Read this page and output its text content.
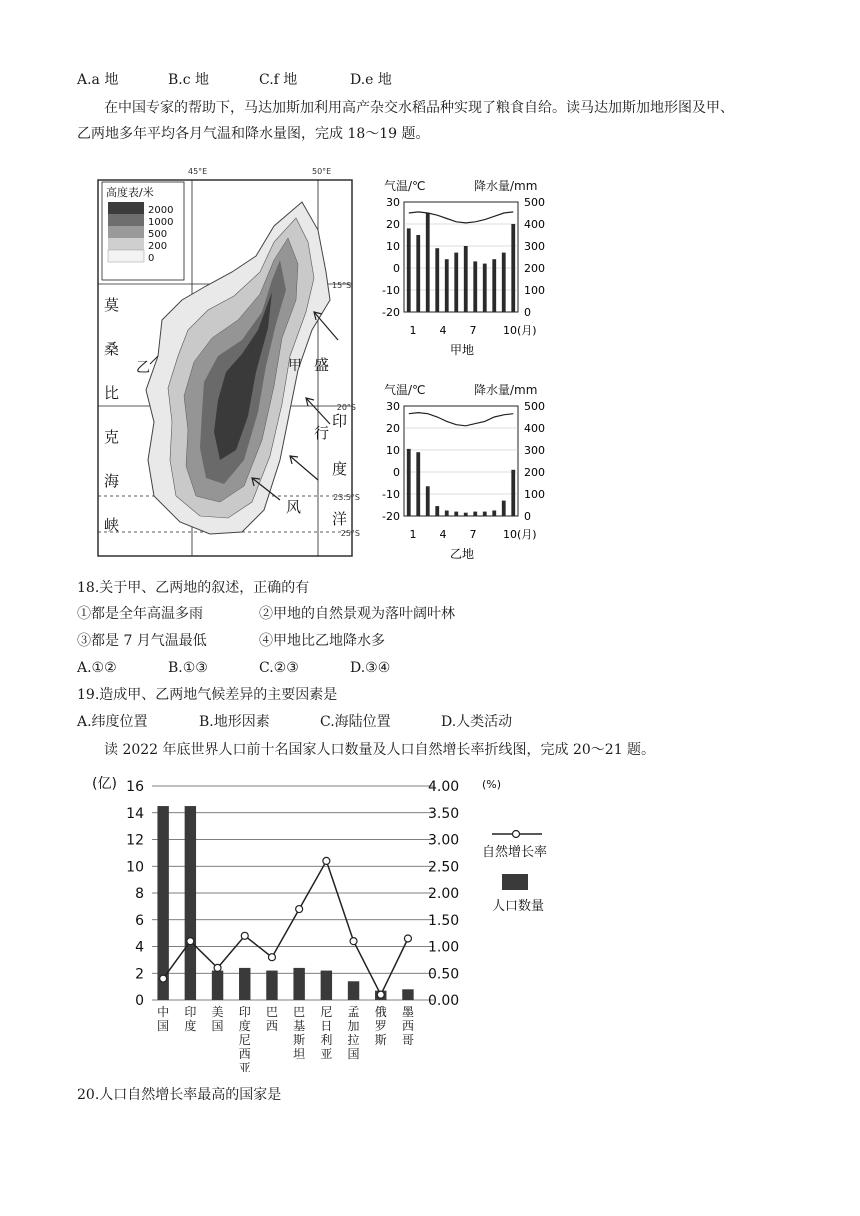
A.a 地	B.c 地	C.f 地	D.e 地
在中国专家的帮助下，马达加斯加利用高产杂交水稻品种实现了粮食自给。读马达加斯加地形图及甲、
乙两地多年平均各月气温和降水量图，完成 18～19 题。
45°E	50°E
15°S
20°S
23.5°S
25°S
高度表/米
2000
1000
500
200
0
莫
桑
比
克
海
峡
盛
行
风
印
度
洋
甲
乙
气温/℃	降水量/mm
30
20
10
0
-10
-20
500
400
300
200
100
0
1 4 7 10(月)
甲地
气温/℃	降水量/mm
30
20
10
0
-10
-20
500
400
300
200
100
0
1 4 7 10(月)
乙地
18.关于甲、乙两地的叙述，正确的有
①都是全年高温多雨	②甲地的自然景观为落叶阔叶林
③都是 7 月气温最低	④甲地比乙地降水多
A.①②	B.①③	C.②③	D.③④
19.造成甲、乙两地气候差异的主要因素是
A.纬度位置	B.地形因素	C.海陆位置	D.人类活动
读 2022 年底世界人口前十名国家人口数量及人口自然增长率折线图，完成 20～21 题。
(亿)	(%)
16	4.00
14	3.50
12	3.00
10	2.50
8	2.00
6	1.50
4	1.00
2	0.50
0	0.00
中
国
印
度
美
国
印
度
尼
西
亚
巴
西
巴
基
斯
坦
尼
日
利
亚
孟
加
拉
国
俄
罗
斯
墨
西
哥
自然增长率
人口数量
20.人口自然增长率最高的国家是
